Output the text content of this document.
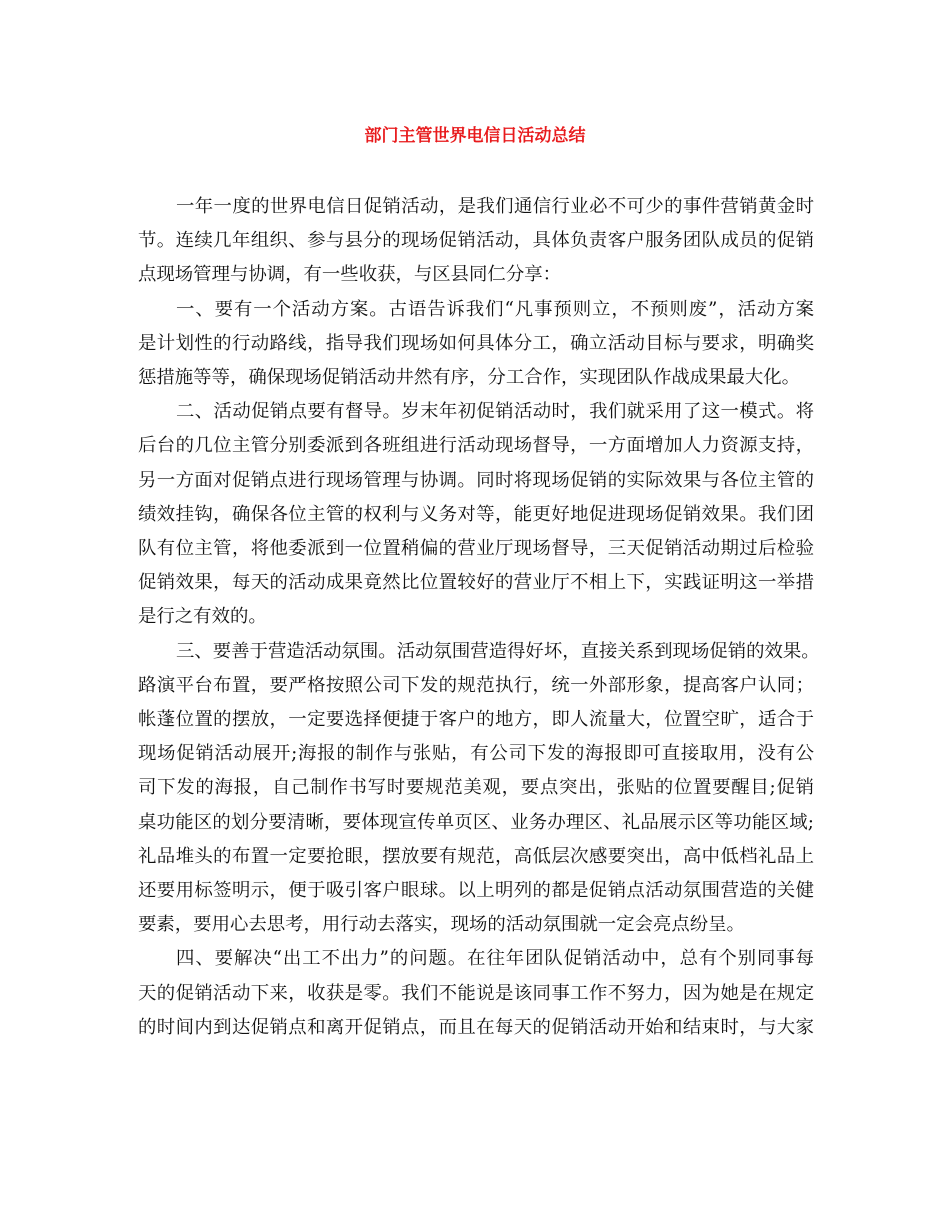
部门主管世界电信日活动总结

一年一度的世界电信日促销活动，是我们通信行业必不可少的事件营销黄金时
节。连续几年组织、参与县分的现场促销活动，具体负责客户服务团队成员的促销
点现场管理与协调，有一些收获，与区县同仁分享：

一、要有一个活动方案。古语告诉我们“凡事预则立，不预则废”，活动方案
是计划性的行动路线，指导我们现场如何具体分工，确立活动目标与要求，明确奖
惩措施等等，确保现场促销活动井然有序，分工合作，实现团队作战成果最大化。

二、活动促销点要有督导。岁末年初促销活动时，我们就采用了这一模式。将
后台的几位主管分别委派到各班组进行活动现场督导，一方面增加人力资源支持，
另一方面对促销点进行现场管理与协调。同时将现场促销的实际效果与各位主管的
绩效挂钩，确保各位主管的权利与义务对等，能更好地促进现场促销效果。我们团
队有位主管，将他委派到一位置稍偏的营业厅现场督导，三天促销活动期过后检验
促销效果，每天的活动成果竟然比位置较好的营业厅不相上下，实践证明这一举措
是行之有效的。

三、要善于营造活动氛围。活动氛围营造得好坏，直接关系到现场促销的效果。
路演平台布置，要严格按照公司下发的规范执行，统一外部形象，提高客户认同；
帐蓬位置的摆放，一定要选择便捷于客户的地方，即人流量大，位置空旷，适合于
现场促销活动展开;海报的制作与张贴，有公司下发的海报即可直接取用，没有公
司下发的海报，自己制作书写时要规范美观，要点突出，张贴的位置要醒目;促销
桌功能区的划分要清晰，要体现宣传单页区、业务办理区、礼品展示区等功能区域;
礼品堆头的布置一定要抢眼，摆放要有规范，高低层次感要突出，高中低档礼品上
还要用标签明示，便于吸引客户眼球。以上明列的都是促销点活动氛围营造的关健
要素，要用心去思考，用行动去落实，现场的活动氛围就一定会亮点纷呈。

四、要解决“出工不出力”的问题。在往年团队促销活动中，总有个别同事每
天的促销活动下来，收获是零。我们不能说是该同事工作不努力，因为她是在规定
的时间内到达促销点和离开促销点，而且在每天的促销活动开始和结束时，与大家
